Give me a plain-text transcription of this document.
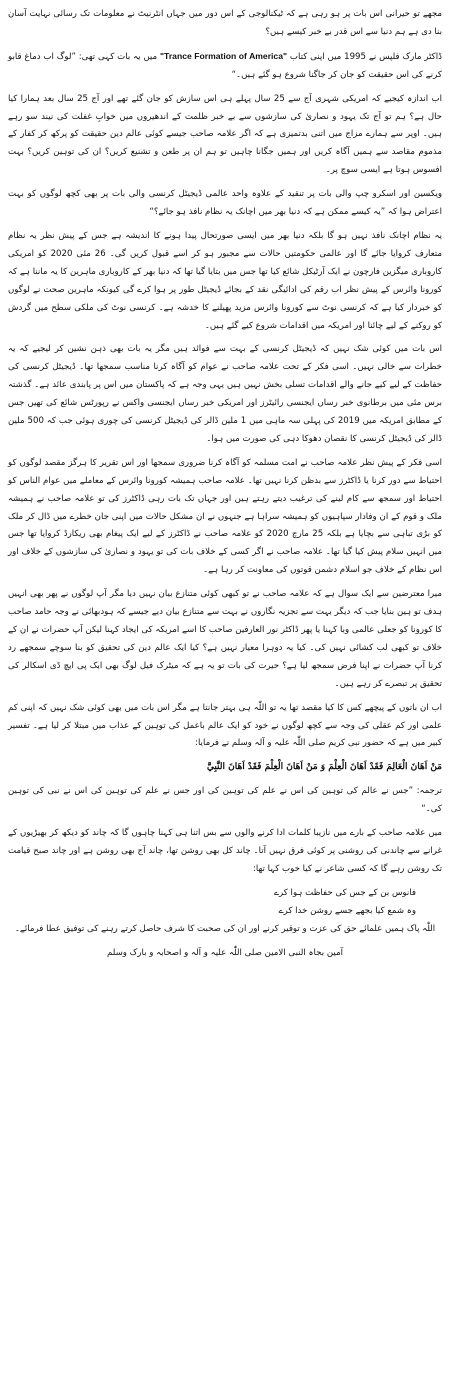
مجھے تو حیرانی اس بات پر ہو رہی ہے کہ ٹیکنالوجی کے اس دور میں جہاں انٹرنیٹ نے معلومات تک رسائی نہایت آسان بنا دی ہے ہم دنیا سے اس قدر بے خبر کیسے ہیں؟

ڈاکٹر مارک فلپس نے 1995 میں اپنی کتاب "Trance Formation of America" میں یہ بات کہی تھی: ”لوگ اب دماغ قابو کرنے کی اس حقیقت کو جان کر جاگنا شروع ہو گئے ہیں۔“

اب اندازہ کیجیے کہ امریکی شہری آج سے 25 سال پہلے ہی اس سازش کو جان گئے تھے اور آج 25 سال بعد ہمارا کیا حال ہے؟ ہم تو آج تک یہود و نصاریٰ کی سازشوں سے بے خبر ظلمت کے اندھیروں میں خوابِ غفلت کی نیند سو رہے ہیں۔ اوپر سے ہمارے مزاج میں اتنی بدتمیزی ہے کہ اگر علامہ صاحب جیسے کوئی عالم دین حقیقت کو پرکھ کر کفار کے مذموم مقاصد سے ہمیں آگاہ کریں اور ہمیں جگانا چاہیں تو ہم ان پر طعن و تشنیع کریں؟ ان کی توہین کریں؟ بہت افسوس ہوتا ہے ایسی سوچ پر۔

ویکسین اور اسکرو چپ والی بات پر تنقید کے علاوہ واحد عالمی ڈیجیٹل کرنسی والی بات پر بھی کچھ لوگوں کو بہت اعتراض ہوا کہ ”یہ کیسے ممکن ہے کہ دنیا بھر میں اچانک یہ نظام نافذ ہو جائے؟“

یہ نظام اچانک نافذ نہیں ہو گا بلکہ دنیا بھر میں ایسی صورتحال پیدا ہونے کا اندیشہ ہے جس کے پیش نظر یہ نظام متعارف کروایا جائے گا اور عالمی حکومتیں حالات سے مجبور ہو کر اسے قبول کریں گی۔ 26 مئی 2020 کو امریکی کاروباری میگزین فارچون نے ایک آرٹیکل شائع کیا تھا جس میں بتایا گیا تھا کہ دنیا بھر کے کاروباری ماہرین کا یہ ماننا ہے کہ کورونا وائرس کے پیش نظر اب رقم کی ادائیگی نقد کے بجائے ڈیجیٹل طور پر ہوا کرے گی کیونکہ ماہرین صحت نے لوگوں کو خبردار کیا ہے کہ کرنسی نوٹ سے کورونا وائرس مزید پھیلنے کا خدشہ ہے۔ کرنسی نوٹ کی ملکی سطح میں گردش کو روکنے کے لیے چائنا اور امریکہ میں اقدامات شروع کیے گئے ہیں۔

اس بات میں کوئی شک نہیں کہ ڈیجیٹل کرنسی کے بہت سے فوائد ہیں مگر یہ بات بھی ذہن نشین کر لیجیے کہ یہ خطرات سے خالی نہیں۔ اسی فکر کے تحت علامہ صاحب نے عوام کو آگاہ کرنا مناسب سمجھا تھا۔ ڈیجیٹل کرنسی کی حفاظت کے لیے کیے جانے والے اقدامات تسلی بخش نہیں ہیں یہی وجہ ہے کہ پاکستان میں اس پر پابندی عائد ہے۔ گذشتہ برس مئی میں برطانوی خبر رساں ایجنسی رائیٹرز اور امریکی خبر رساں ایجنسی واکس نے رپورٹس شائع کی تھیں جس کے مطابق امریکہ میں 2019 کی پہلی سہ ماہی میں 1 ملین ڈالر کی ڈیجیٹل کرنسی کی چوری ہوئی جب کہ 500 ملین ڈالر کی ڈیجیٹل کرنسی کا نقصان دھوکا دہی کی صورت میں ہوا۔

اسی فکر کے پیش نظر علامہ صاحب نے امت مسلمہ کو آگاہ کرنا ضروری سمجھا اور اس تقریر کا ہرگز مقصد لوگوں کو احتیاط سے دور کرنا یا ڈاکٹرز سے بدظن کرنا نہیں تھا۔ علامہ صاحب ہمیشہ کورونا وائرس کے معاملے میں عوام الناس کو احتیاط اور سمجھ سے کام لینے کی ترغیب دیتے رہتے ہیں اور جہاں تک بات رہی ڈاکٹرز کی تو علامہ صاحب نے ہمیشہ ملک و قوم کے ان وفادار سپاہیوں کو ہمیشہ سراہا ہے جنہوں نے ان مشکل حالات میں اپنی جان خطرے میں ڈال کر ملک کو بڑی تباہی سے بچایا ہے بلکہ 25 مارچ 2020 کو علامہ صاحب نے ڈاکٹرز کے لیے ایک پیغام بھی ریکارڈ کروایا تھا جس میں انہیں سلام پیش کیا گیا تھا۔ علامہ صاحب نے اگر کسی کے خلاف بات کی تو یہود و نصاریٰ کی سازشوں کے خلاف اور اس نظام کے خلاف جو اسلام دشمن قوتوں کی معاونت کر رہا ہے۔

میرا معترضین سے ایک سوال ہے کہ علامہ صاحب نے تو کبھی کوئی متنازع بیان نہیں دیا مگر آپ لوگوں نے پھر بھی انہیں ہدف تو ہین بنایا جب کہ دیگر بہت سے تجزیہ نگاروں نے بہت سے متنازع بیان دیے جیسے کہ ہودبھائی نے وجہ حامد صاحب کا کورونا کو جعلی عالمی وبا کہنا یا پھر ڈاکٹر نور العارفین صاحب کا اسے امریکہ کی ایجاد کہنا لیکن آپ حضرات نے ان کے خلاف تو کبھی لب کشائی نہیں کی۔ کیا یہ دوہرا معیار نہیں ہے؟ کیا ایک عالم دین کی تحقیق کو بنا سوچے سمجھے رد کرنا آپ حضرات نے اپنا فرض سمجھ لیا ہے؟ حیرت کی بات تو یہ ہے کہ میٹرک فیل لوگ بھی ایک پی ایچ ڈی اسکالر کی تحقیق پر تبصرے کر رہے ہیں۔

اب ان باتوں کے پیچھے کس کا کیا مقصد تھا یہ تو اللّٰہ ہی بہتر جانتا ہے مگر اس بات میں بھی کوئی شک نہیں کہ اپنی کم علمی اور کم عقلی کی وجہ سے کچھ لوگوں نے خود کو ایک عالم باعمل کی توہین کے عذاب میں مبتلا کر لیا ہے۔ تفسیر کبیر میں ہے کہ حضور نبی کریم صلی اللّٰہ علیہ و آلہ وسلم نے فرمایا:

مَنْ اَهَانَ الْعَالِمَ فَقَدْ اَهَانَ الْعِلْمَ وَ مَنْ اَهَانَ الْعِلْمَ فَقَدْ اَهَانَ النَّبِيَّ

ترجمہ: ”جس نے عالم کی توہین کی اس نے علم کی توہین کی اور جس نے علم کی توہین کی اس نے نبی کی توہین کی۔“

میں علامہ صاحب کے بارے میں نازیبا کلمات ادا کرنے والوں سے بس اتنا ہی کہنا چاہوں گا کہ چاند کو دیکھ کر بھیڑیوں کے غرانے سے چاندنی کی روشنی پر کوئی فرق نہیں آتا۔ چاند کل بھی روشن تھا، چاند آج بھی روشن ہے اور چاند صبح قیامت تک روشن رہے گا کہ کسی شاعر نے کیا خوب کہا تھا:

فانوس بن کے جس کی حفاظت ہوا کرے

وہ شمع کیا بجھے جسے روشن خدا کرے

اللّٰہ پاک ہمیں علمائے حق کی عزت و توقیر کرنے اور ان کی صحبت کا شرف حاصل کرتے رہنے کی توفیق عطا فرمائے۔

آمین بجاہ النبی الامین صلی اللّٰہ علیہ و آلہ و اصحابہ و بارک وسلم
